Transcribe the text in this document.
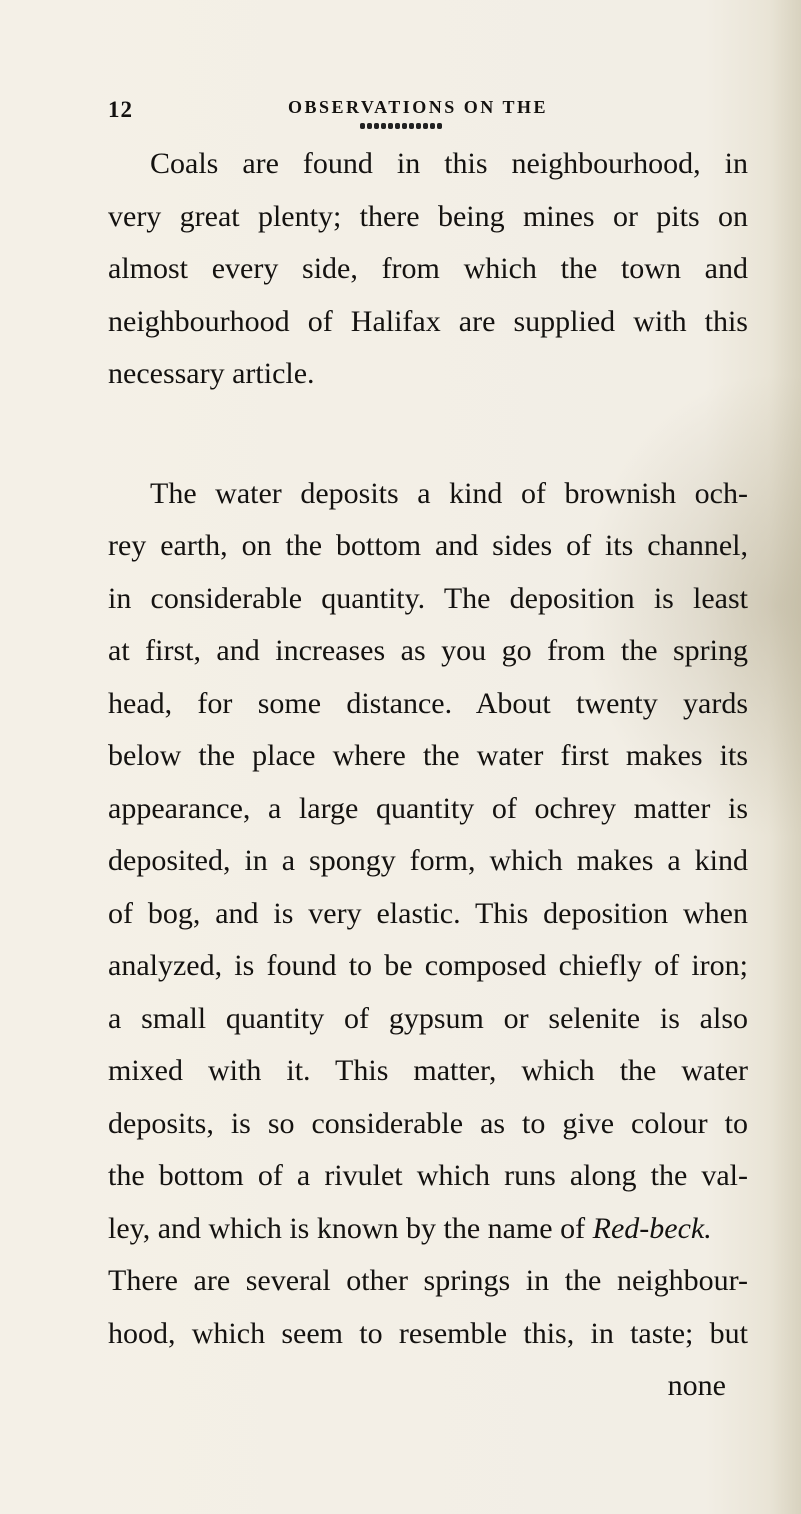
12	OBSERVATIONS ON THE
Coals are found in this neighbourhood, in
very great plenty; there being mines or pits on
almost every side, from which the town and
neighbourhood of Halifax are supplied with this
necessary article.
The water deposits a kind of brownish och-
rey earth, on the bottom and sides of its channel,
in considerable quantity. The deposition is least
at first, and increases as you go from the spring
head, for some distance. About twenty yards
below the place where the water first makes its
appearance, a large quantity of ochrey matter is
deposited, in a spongy form, which makes a kind
of bog, and is very elastic. This deposition when
analyzed, is found to be composed chiefly of iron;
a small quantity of gypsum or selenite is also
mixed with it. This matter, which the water
deposits, is so considerable as to give colour to
the bottom of a rivulet which runs along the val-
ley, and which is known by the name of Red-beck.
There are several other springs in the neighbour-
hood, which seem to resemble this, in taste; but
none
